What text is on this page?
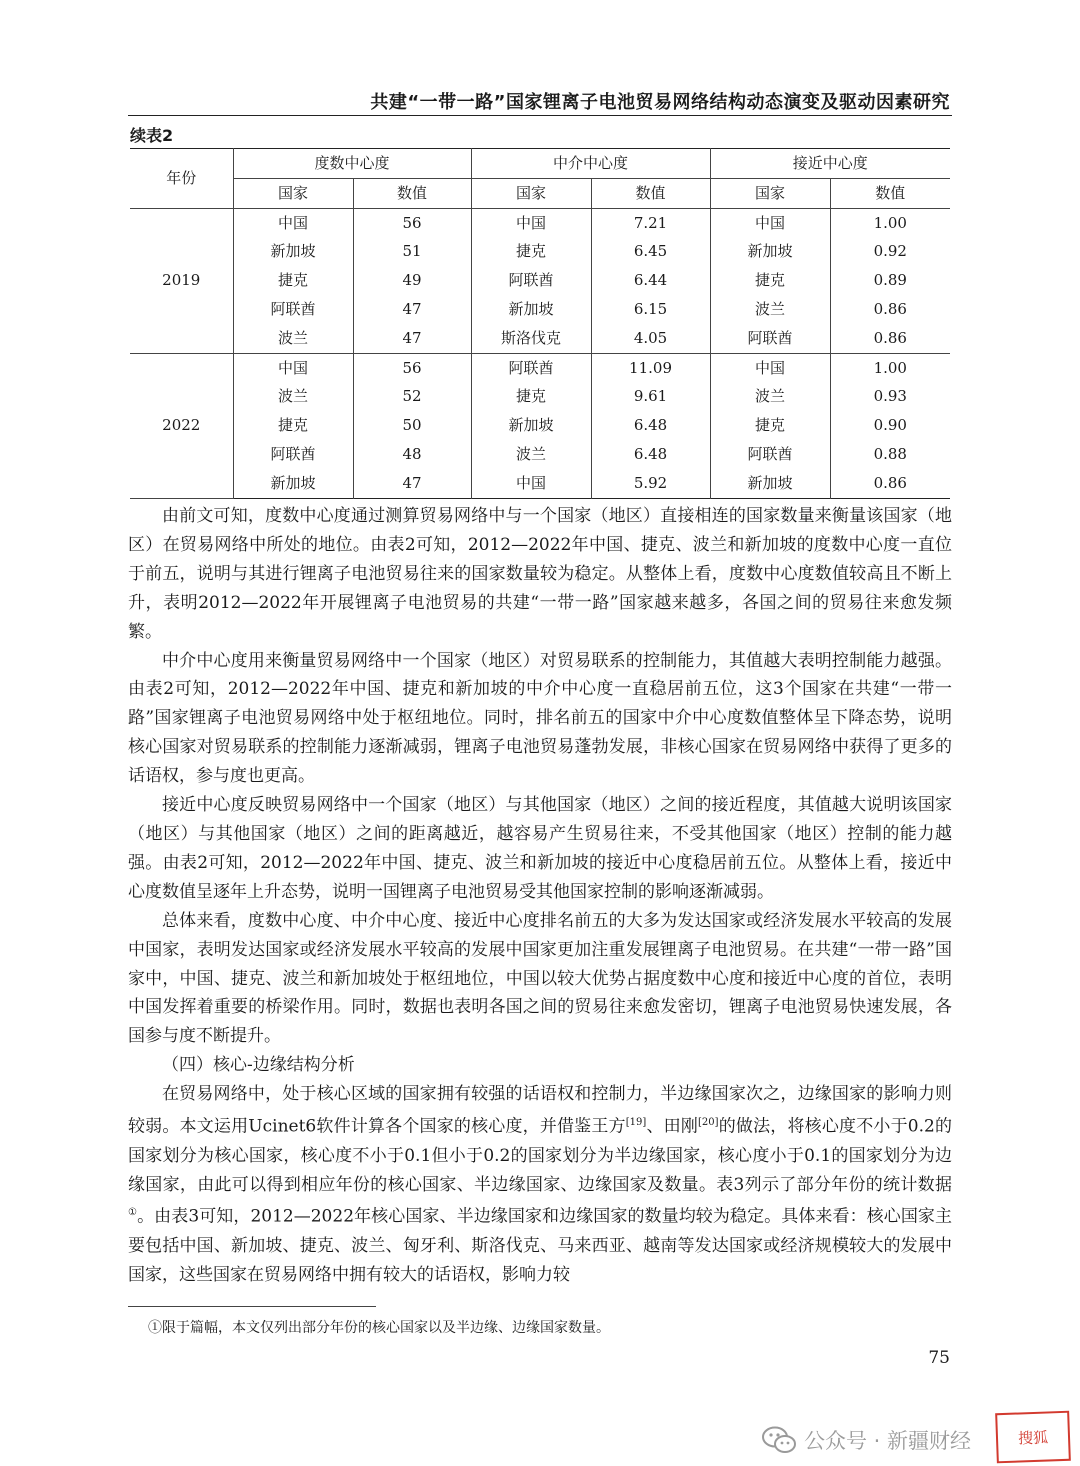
共建“一带一路”国家锂离子电池贸易网络结构动态演变及驱动因素研究
续表2
年份	度数中心度		中介中心度		接近中心度	
	国家	数值	国家	数值	国家	数值
2019	中国	56	中国	7.21	中国	1.00
	新加坡	51	捷克	6.45	新加坡	0.92
	捷克	49	阿联酋	6.44	捷克	0.89
	阿联酋	47	新加坡	6.15	波兰	0.86
	波兰	47	斯洛伐克	4.05	阿联酋	0.86
2022	中国	56	阿联酋	11.09	中国	1.00
	波兰	52	捷克	9.61	波兰	0.93
	捷克	50	新加坡	6.48	捷克	0.90
	阿联酋	48	波兰	6.48	阿联酋	0.88
	新加坡	47	中国	5.92	新加坡	0.86

由前文可知，度数中心度通过测算贸易网络中与一个国家（地区）直接相连的国家数量来衡量该国家（地区）在贸易网络中所处的地位。由表2可知，2012—2022年中国、捷克、波兰和新加坡的度数中心度一直位于前五，说明与其进行锂离子电池贸易往来的国家数量较为稳定。从整体上看，度数中心度数值较高且不断上升，表明2012—2022年开展锂离子电池贸易的共建“一带一路”国家越来越多，各国之间的贸易往来愈发频繁。

中介中心度用来衡量贸易网络中一个国家（地区）对贸易联系的控制能力，其值越大表明控制能力越强。由表2可知，2012—2022年中国、捷克和新加坡的中介中心度一直稳居前五位，这3个国家在共建“一带一路”国家锂离子电池贸易网络中处于枢纽地位。同时，排名前五的国家中介中心度数值整体呈下降态势，说明核心国家对贸易联系的控制能力逐渐减弱，锂离子电池贸易蓬勃发展，非核心国家在贸易网络中获得了更多的话语权，参与度也更高。

接近中心度反映贸易网络中一个国家（地区）与其他国家（地区）之间的接近程度，其值越大说明该国家（地区）与其他国家（地区）之间的距离越近，越容易产生贸易往来，不受其他国家（地区）控制的能力越强。由表2可知，2012—2022年中国、捷克、波兰和新加坡的接近中心度稳居前五位。从整体上看，接近中心度数值呈逐年上升态势，说明一国锂离子电池贸易受其他国家控制的影响逐渐减弱。

总体来看，度数中心度、中介中心度、接近中心度排名前五的大多为发达国家或经济发展水平较高的发展中国家，表明发达国家或经济发展水平较高的发展中国家更加注重发展锂离子电池贸易。在共建“一带一路”国家中，中国、捷克、波兰和新加坡处于枢纽地位，中国以较大优势占据度数中心度和接近中心度的首位，表明中国发挥着重要的桥梁作用。同时，数据也表明各国之间的贸易往来愈发密切，锂离子电池贸易快速发展，各国参与度不断提升。

（四）核心-边缘结构分析

在贸易网络中，处于核心区域的国家拥有较强的话语权和控制力，半边缘国家次之，边缘国家的影响力则较弱。本文运用Ucinet6软件计算各个国家的核心度，并借鉴王方[19]、田刚[20]的做法，将核心度不小于0.2的国家划分为核心国家，核心度不小于0.1但小于0.2的国家划分为半边缘国家，核心度小于0.1的国家划分为边缘国家，由此可以得到相应年份的核心国家、半边缘国家、边缘国家及数量。表3列示了部分年份的统计数据①。由表3可知，2012—2022年核心国家、半边缘国家和边缘国家的数量均较为稳定。具体来看：核心国家主要包括中国、新加坡、捷克、波兰、匈牙利、斯洛伐克、马来西亚、越南等发达国家或经济规模较大的发展中国家，这些国家在贸易网络中拥有较大的话语权，影响力较

①限于篇幅，本文仅列出部分年份的核心国家以及半边缘、边缘国家数量。
75
公众号 · 新疆财经	搜狐
